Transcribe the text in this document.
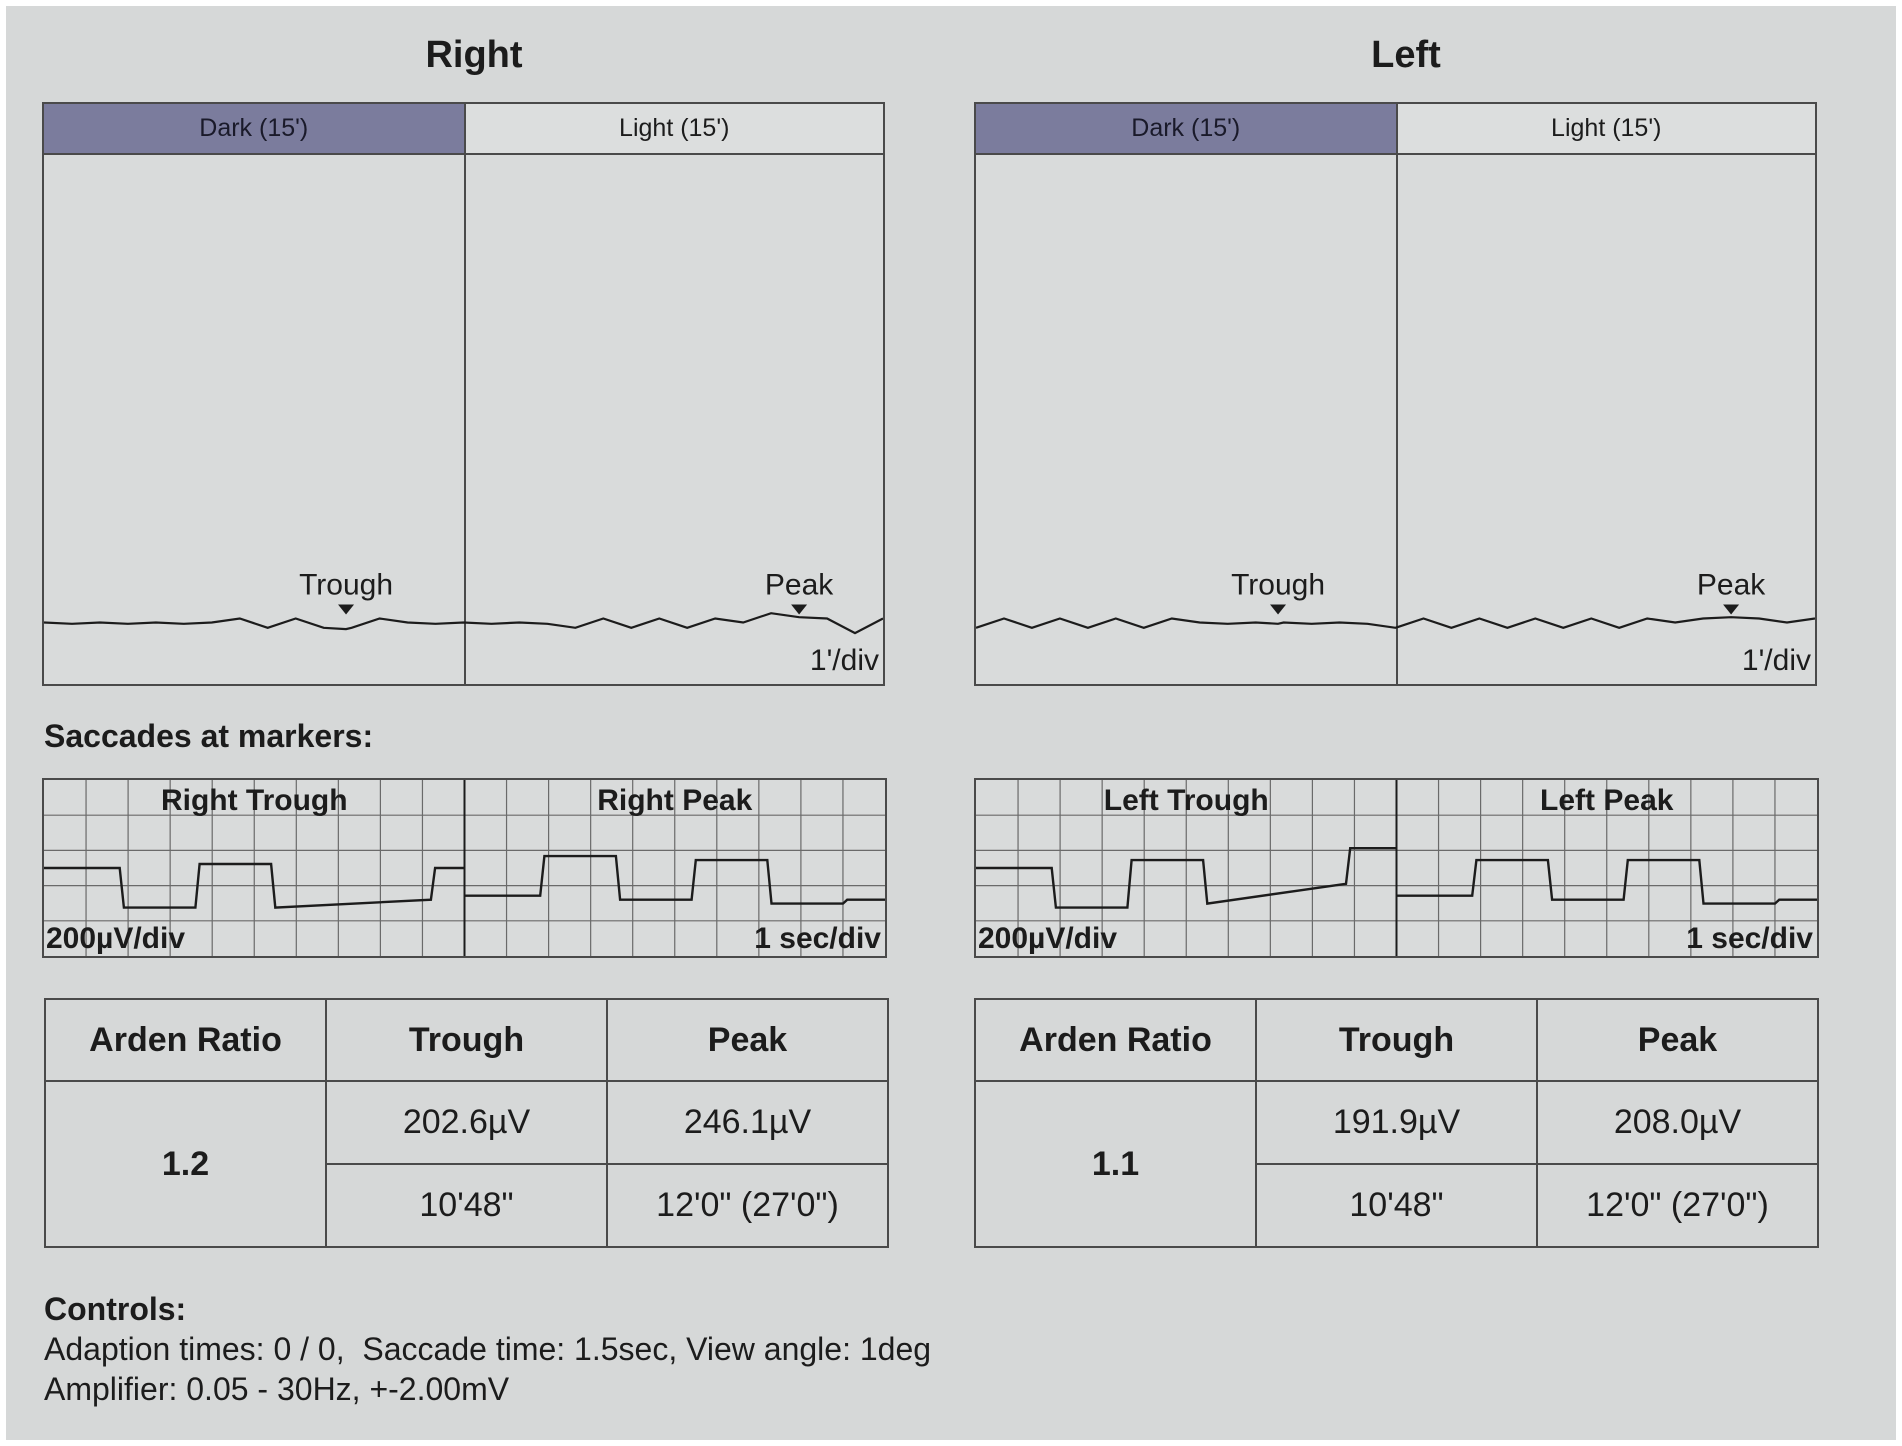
Right	Left
Dark (15')	Light (15')
Trough	Peak
1'/div
Dark (15')	Light (15')
Trough	Peak
1'/div
Saccades at markers:
Right Trough	Right Peak
200µV/div	1 sec/div
Left Trough	Left Peak
200µV/div	1 sec/div
Arden Ratio	Trough	Peak
1.2	202.6µV	246.1µV
	10'48"	12'0" (27'0")
Arden Ratio	Trough	Peak
1.1	191.9µV	208.0µV
	10'48"	12'0" (27'0")
Controls:
Adaption times: 0 / 0,  Saccade time: 1.5sec, View angle: 1deg
Amplifier: 0.05 - 30Hz, +-2.00mV
